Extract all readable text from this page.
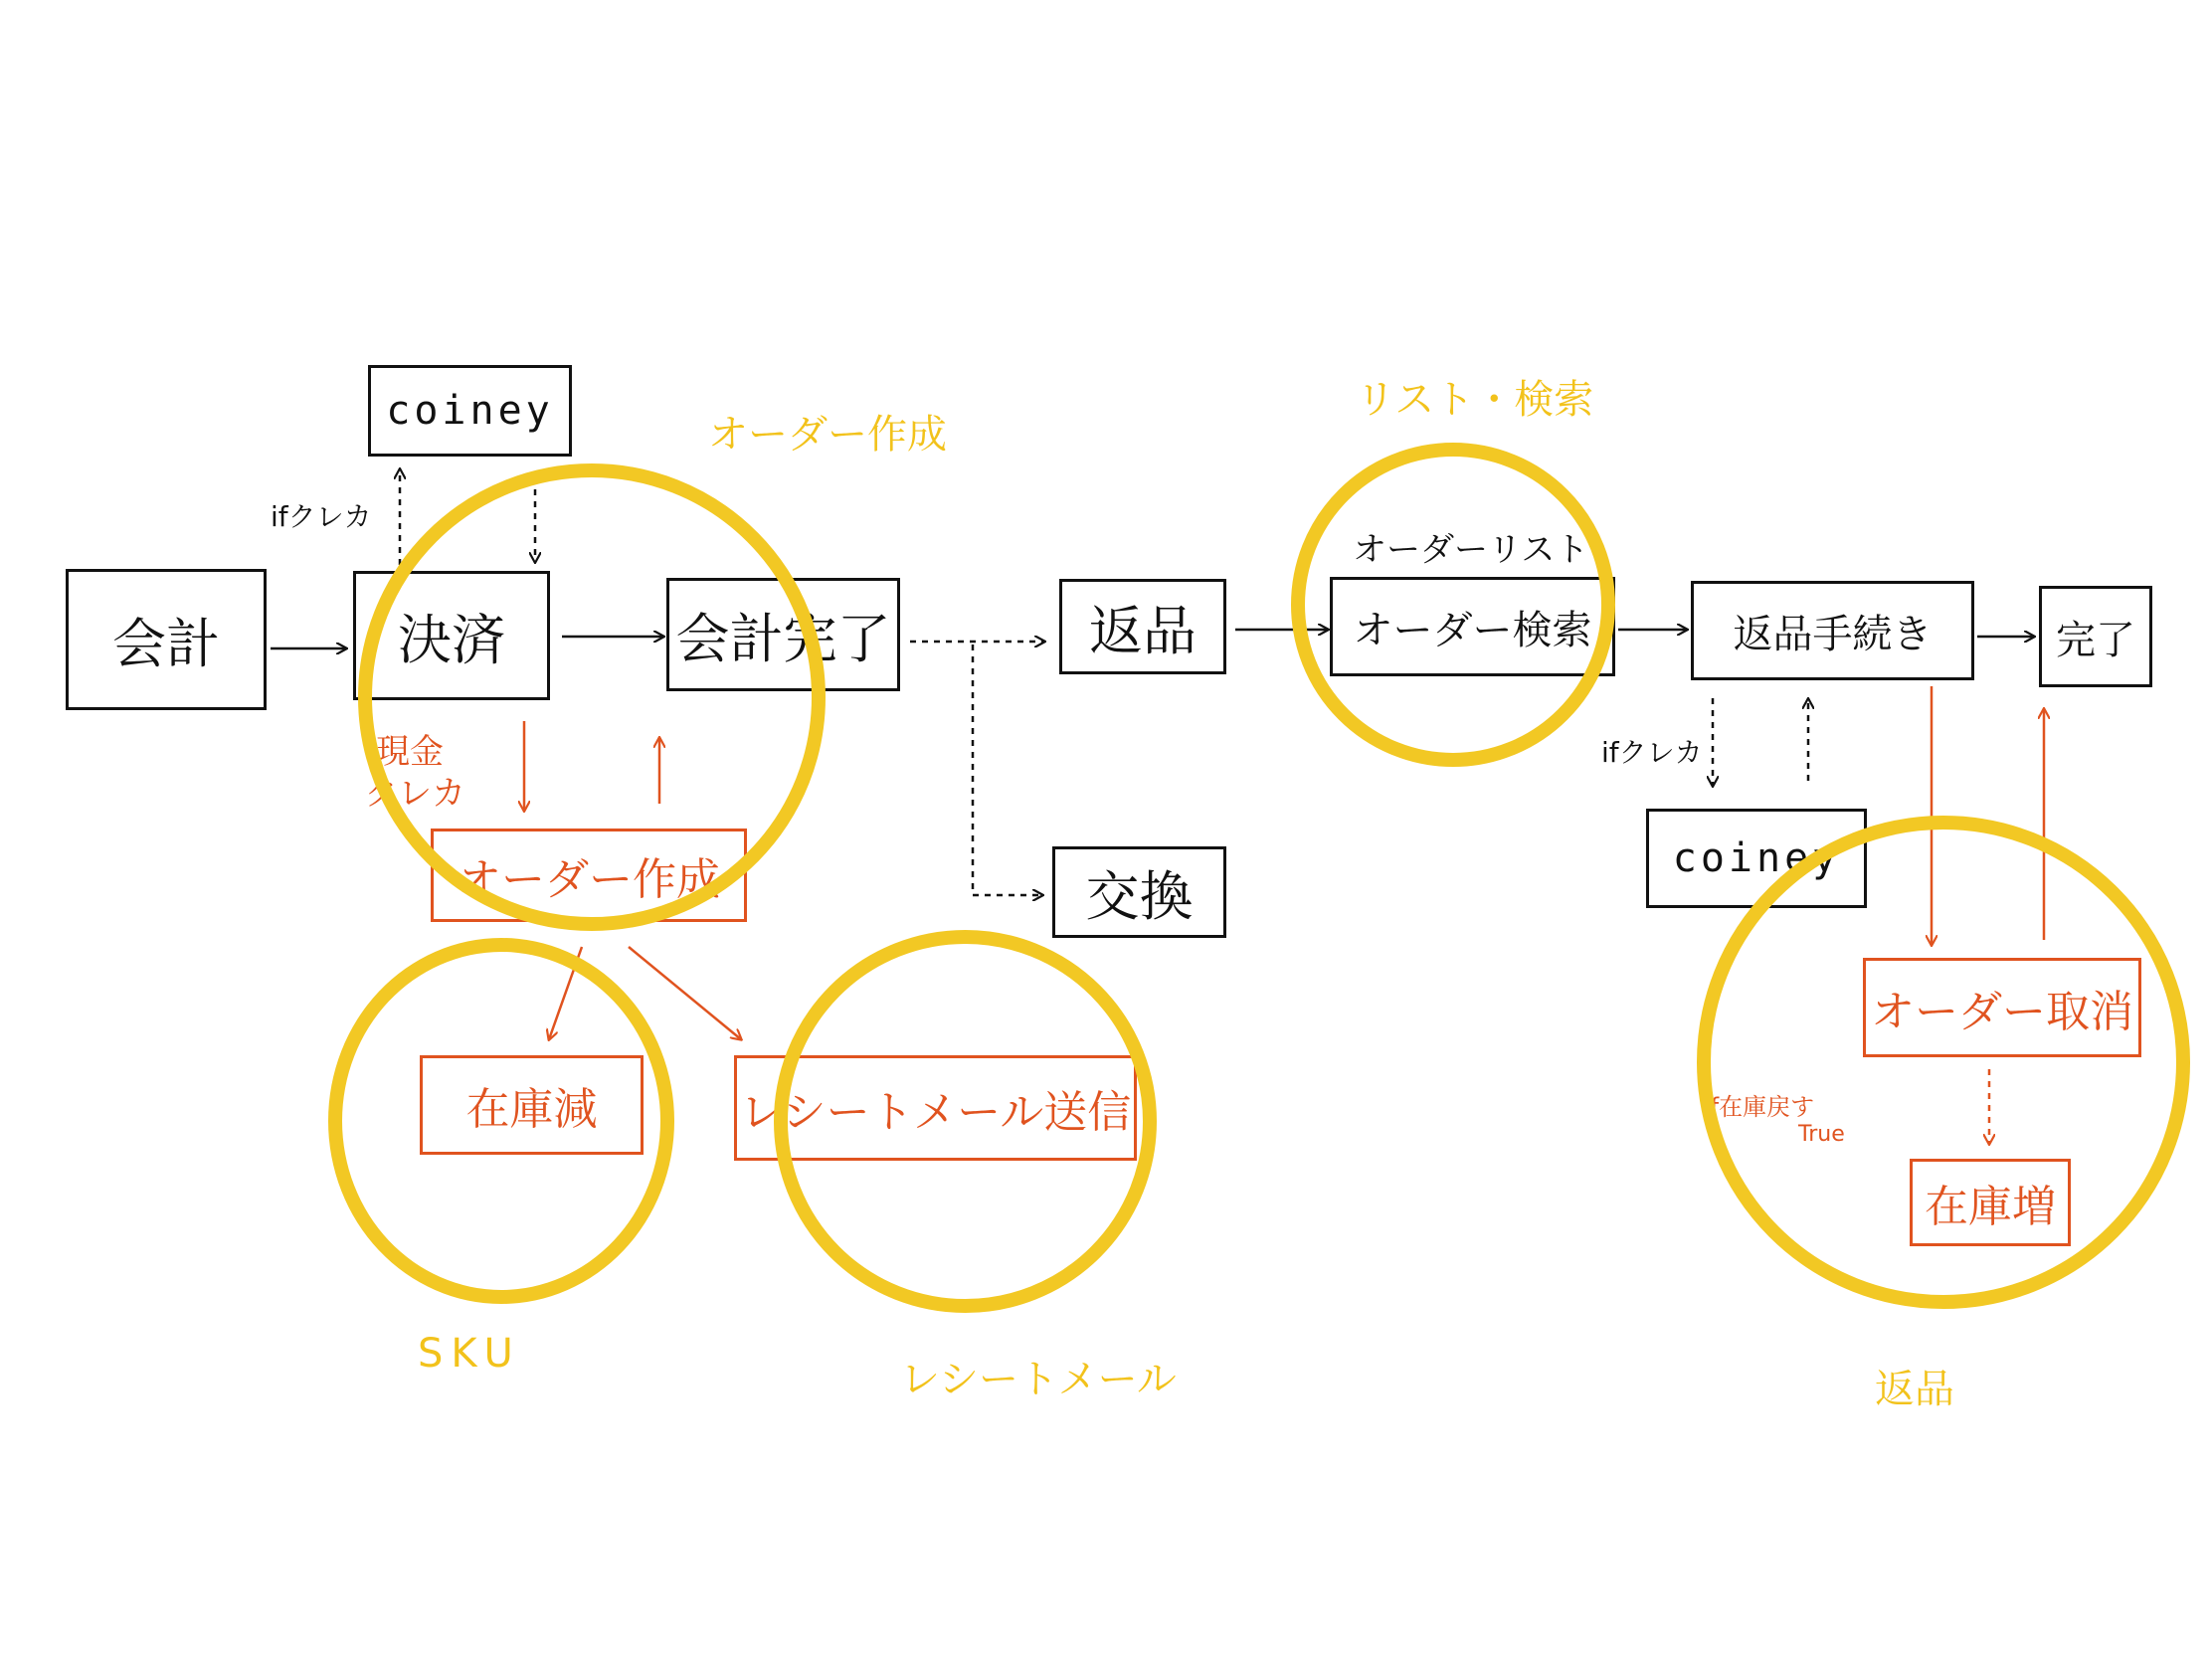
会計	決済	会計完了
coiney
返品
交換
オーダー検索	返品手続き	完了
coiney
オーダー作成
在庫減	レシートメール送信
オーダー取消
在庫増
ifクレカ
現金
クレカ
オーダーリスト
ifクレカ
if在庫戻す
True
オーダー作成
リスト・検索
SKU
レシートメール	返品
